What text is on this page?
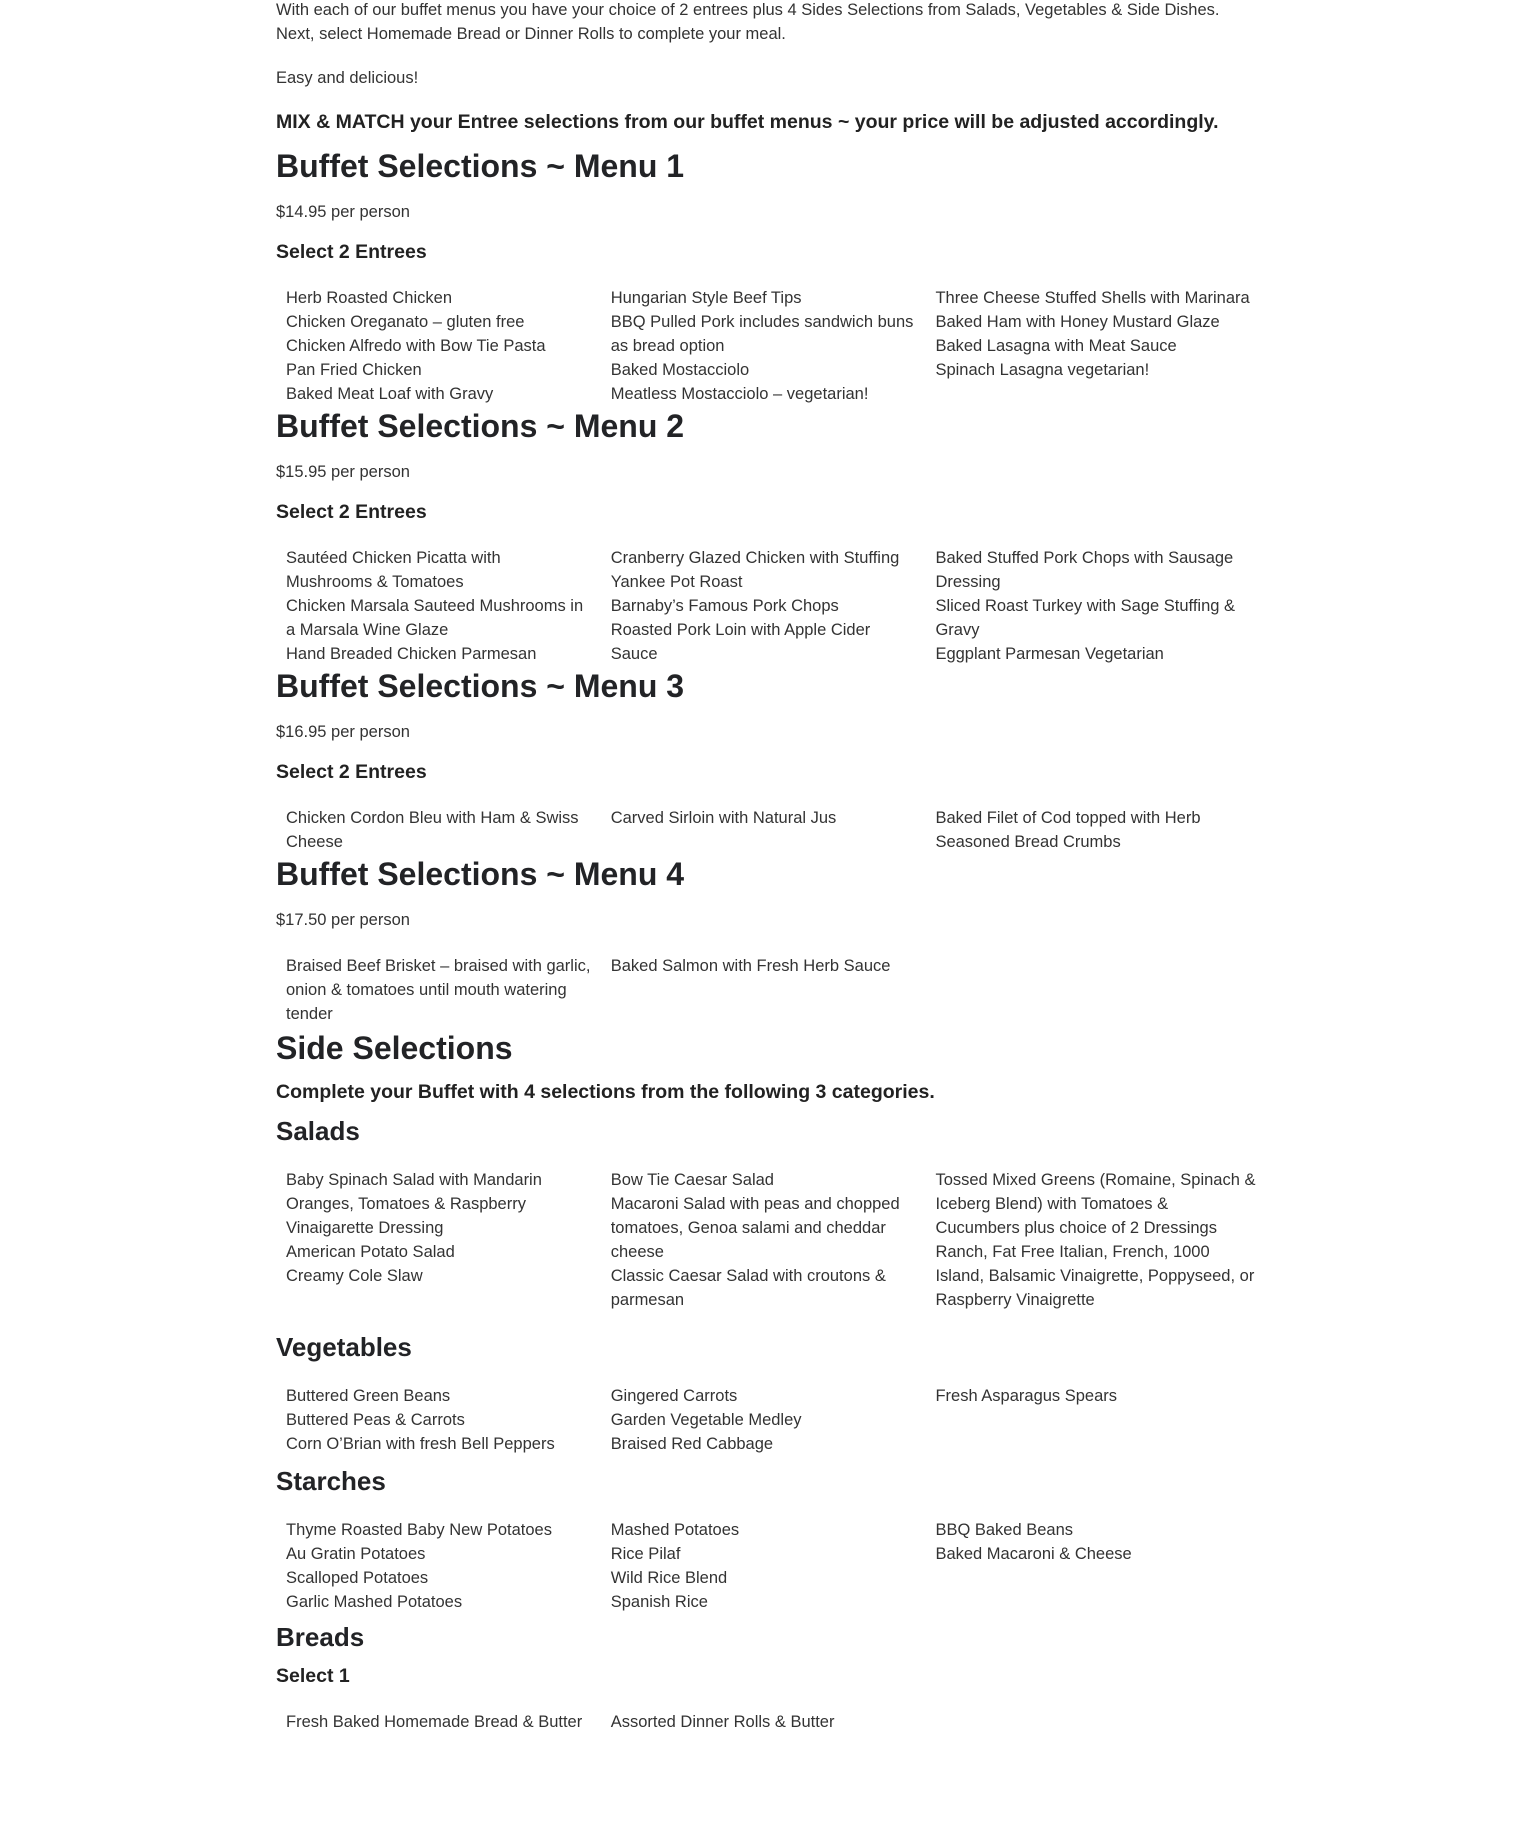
With each of our buffet menus you have your choice of 2 entrees plus 4 Sides Selections from Salads, Vegetables & Side Dishes. Next, select Homemade Bread or Dinner Rolls to complete your meal.

Easy and delicious!

MIX & MATCH your Entree selections from our buffet menus ~ your price will be adjusted accordingly.

Buffet Selections ~ Menu 1

$14.95 per person

Select 2 Entrees

Herb Roasted Chicken

Chicken Oreganato – gluten free

Chicken Alfredo with Bow Tie Pasta

Pan Fried Chicken

Baked Meat Loaf with Gravy

Hungarian Style Beef Tips

BBQ Pulled Pork includes sandwich buns as bread option

Baked Mostacciolo

Meatless Mostacciolo – vegetarian!

Three Cheese Stuffed Shells with Marinara

Baked Ham with Honey Mustard Glaze

Baked Lasagna with Meat Sauce

Spinach Lasagna vegetarian!

Buffet Selections ~ Menu 2

$15.95 per person

Select 2 Entrees

Sautéed Chicken Picatta with Mushrooms & Tomatoes

Chicken Marsala Sauteed Mushrooms in a Marsala Wine Glaze

Hand Breaded Chicken Parmesan

Cranberry Glazed Chicken with Stuffing

Yankee Pot Roast

Barnaby’s Famous Pork Chops

Roasted Pork Loin with Apple Cider Sauce

Baked Stuffed Pork Chops with Sausage Dressing

Sliced Roast Turkey with Sage Stuffing & Gravy

Eggplant Parmesan Vegetarian

Buffet Selections ~ Menu 3

$16.95 per person

Select 2 Entrees

Chicken Cordon Bleu with Ham & Swiss Cheese

Carved Sirloin with Natural Jus	Baked Filet of Cod topped with Herb Seasoned Bread Crumbs

Buffet Selections ~ Menu 4

$17.50 per person

Braised Beef Brisket – braised with garlic, onion & tomatoes until mouth watering tender

Baked Salmon with Fresh Herb Sauce

Side Selections
Complete your Buffet with 4 selections from the following 3 categories.
Salads

Baby Spinach Salad with Mandarin Oranges, Tomatoes & Raspberry Vinaigarette Dressing

American Potato Salad

Creamy Cole Slaw

Bow Tie Caesar Salad

Macaroni Salad with peas and chopped tomatoes, Genoa salami and cheddar cheese

Classic Caesar Salad with croutons & parmesan

Tossed Mixed Greens (Romaine, Spinach & Iceberg Blend) with Tomatoes & Cucumbers plus choice of 2 Dressings Ranch, Fat Free Italian, French, 1000 Island, Balsamic Vinaigrette, Poppyseed, or Raspberry Vinaigrette

Vegetables

Buttered Green Beans

Buttered Peas & Carrots

Corn O’Brian with fresh Bell Peppers

Gingered Carrots

Garden Vegetable Medley

Braised Red Cabbage

Fresh Asparagus Spears

Starches

Thyme Roasted Baby New Potatoes

Au Gratin Potatoes

Scalloped Potatoes

Garlic Mashed Potatoes

Mashed Potatoes

Rice Pilaf

Wild Rice Blend

Spanish Rice

BBQ Baked Beans

Baked Macaroni & Cheese

Breads
Select 1

Fresh Baked Homemade Bread & Butter	Assorted Dinner Rolls & Butter
